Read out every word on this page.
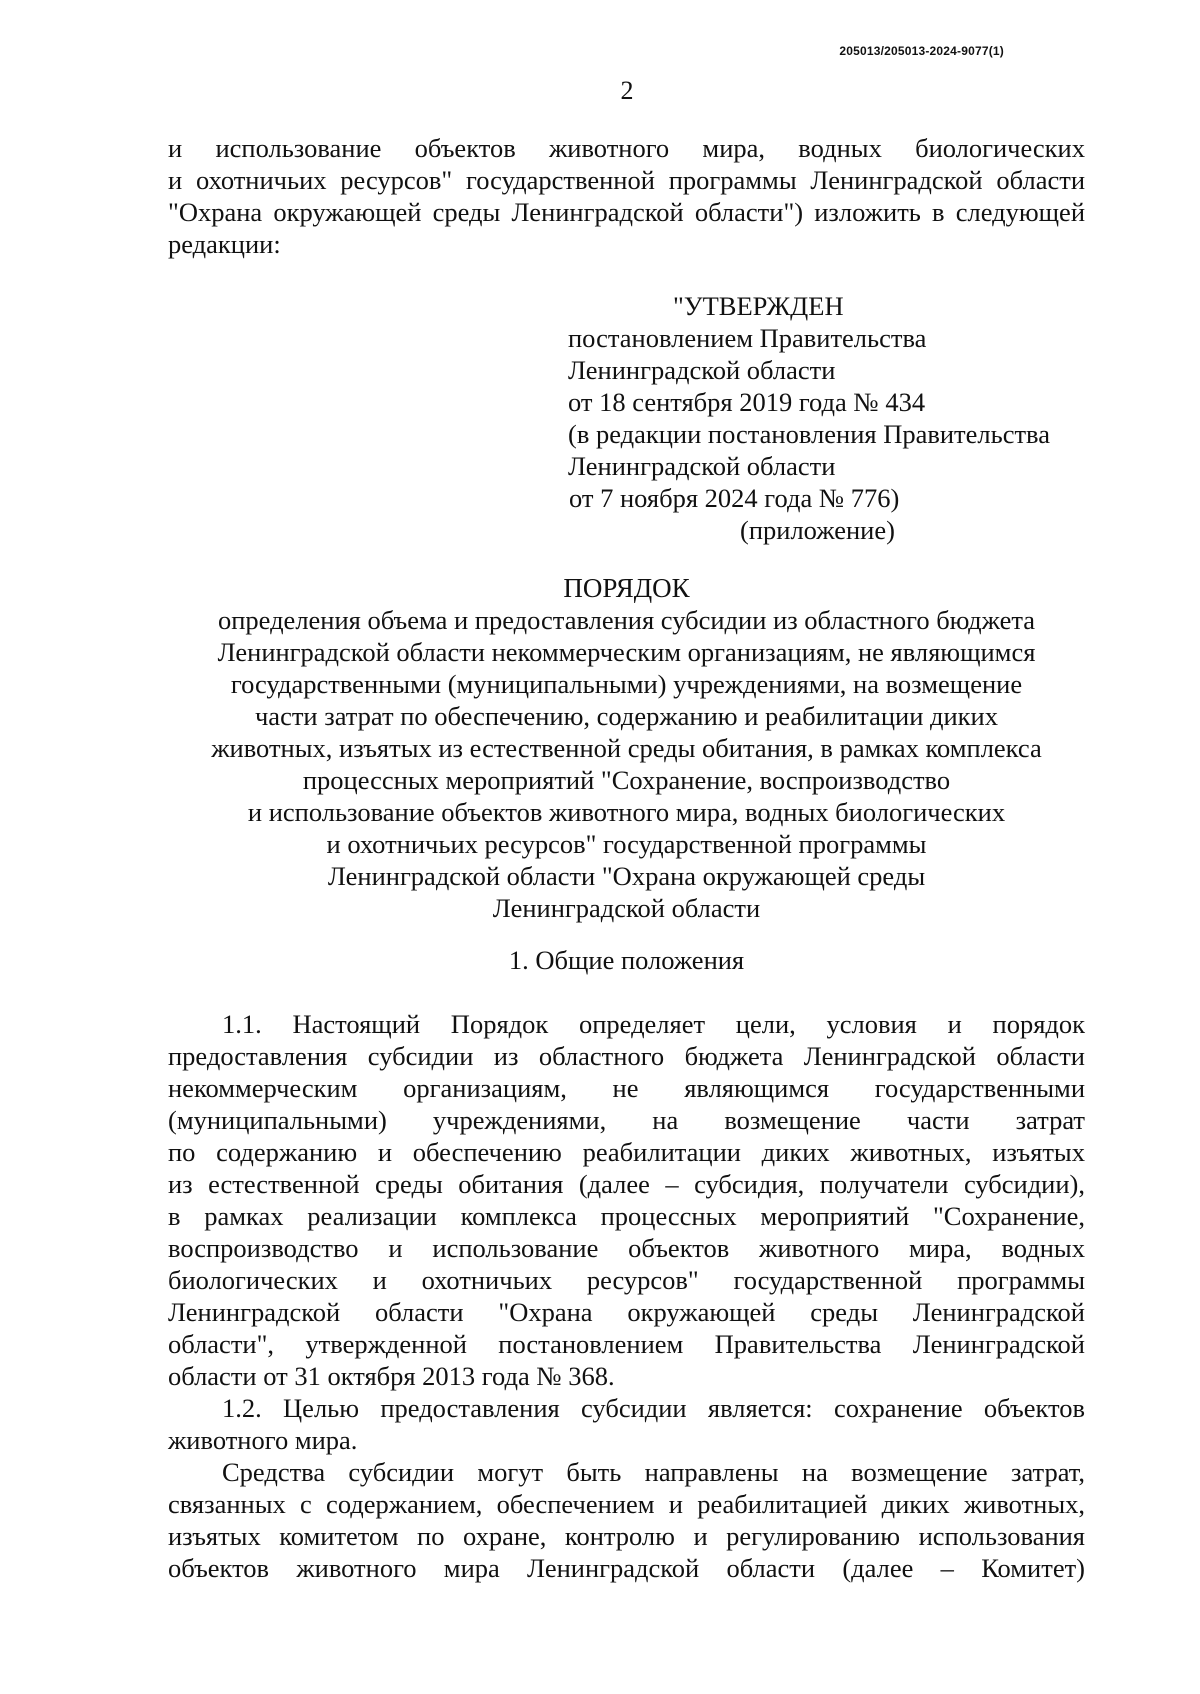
205013/205013-2024-9077(1)
2
и использование объектов животного мира, водных биологических
и охотничьих ресурсов" государственной программы Ленинградской области
"Охрана окружающей среды Ленинградской области") изложить в следующей
редакции:
"УТВЕРЖДЕН
постановлением Правительства
Ленинградской области
от 18 сентября 2019 года № 434
(в редакции постановления Правительства
Ленинградской области
от 7 ноября 2024 года № 776)
(приложение)
ПОРЯДОК
определения объема и предоставления субсидии из областного бюджета
Ленинградской области некоммерческим организациям, не являющимся
государственными (муниципальными) учреждениями, на возмещение
части затрат по обеспечению, содержанию и реабилитации диких
животных, изъятых из естественной среды обитания, в рамках комплекса
процессных мероприятий "Сохранение, воспроизводство
и использование объектов животного мира, водных биологических
и охотничьих ресурсов" государственной программы
Ленинградской области "Охрана окружающей среды
Ленинградской области
1. Общие положения
1.1. Настоящий Порядок определяет цели, условия и порядок
предоставления субсидии из областного бюджета Ленинградской области
некоммерческим организациям, не являющимся государственными
(муниципальными) учреждениями, на возмещение части затрат
по содержанию и обеспечению реабилитации диких животных, изъятых
из естественной среды обитания (далее – субсидия, получатели субсидии),
в рамках реализации комплекса процессных мероприятий "Сохранение,
воспроизводство и использование объектов животного мира, водных
биологических и охотничьих ресурсов" государственной программы
Ленинградской области "Охрана окружающей среды Ленинградской
области", утвержденной постановлением Правительства Ленинградской
области от 31 октября 2013 года № 368.
1.2. Целью предоставления субсидии является: сохранение объектов
животного мира.
Средства субсидии могут быть направлены на возмещение затрат,
связанных с содержанием, обеспечением и реабилитацией диких животных,
изъятых комитетом по охране, контролю и регулированию использования
объектов животного мира Ленинградской области (далее – Комитет)
